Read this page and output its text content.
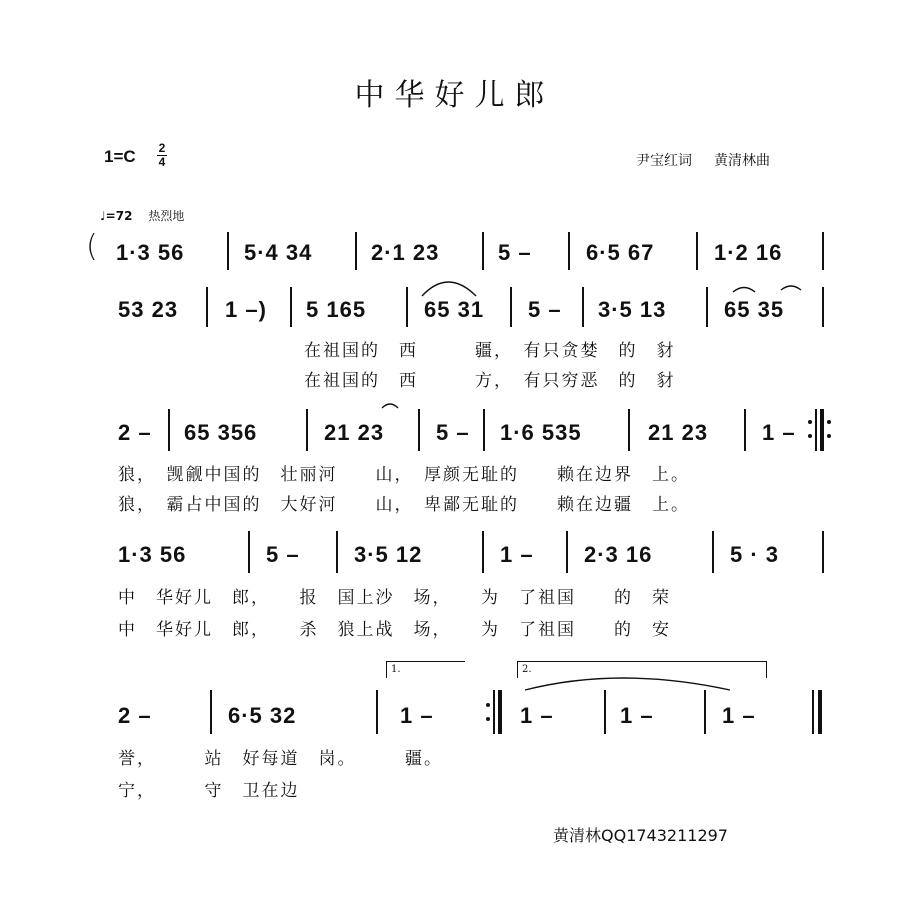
中华好儿郎
1=C 2
4	尹宝红词 黄清林曲
♩=72 热烈地
( 1·3 56	5·4 34	2·1 23	5 – 6·5 67	1·2 16
53 23 1 –) 5 165	65 31 5 – 3·5 13	65 35
在祖国的　西　　　疆，　有只贪婪　的　豺
在祖国的　西　　　方，　有只穷恶　的　豺
2 – 65 356	21 23 5 – 1·6 535	21 23 1 –
狼，　觊觎中国的　壮丽河　　山，　厚颜无耻的　　赖在边界　上。
狼，　霸占中国的　大好河　　山，　卑鄙无耻的　　赖在边疆　上。
1·3 56	5 – 3·5 12	1 – 2·3 16	5 · 3
中　华好儿　郎，　　报　国上沙　场，　　为　了祖国　　的　荣
中　华好儿　郎，　　杀　狼上战　场，　　为　了祖国　　的　安
1.	2.
2 –	6·5 32	1 –	1 –	1 –	1 –
誉，　　　站　好每道　岗。　　　疆。
宁，　　　守　卫在边
黄清林QQ1743211297
